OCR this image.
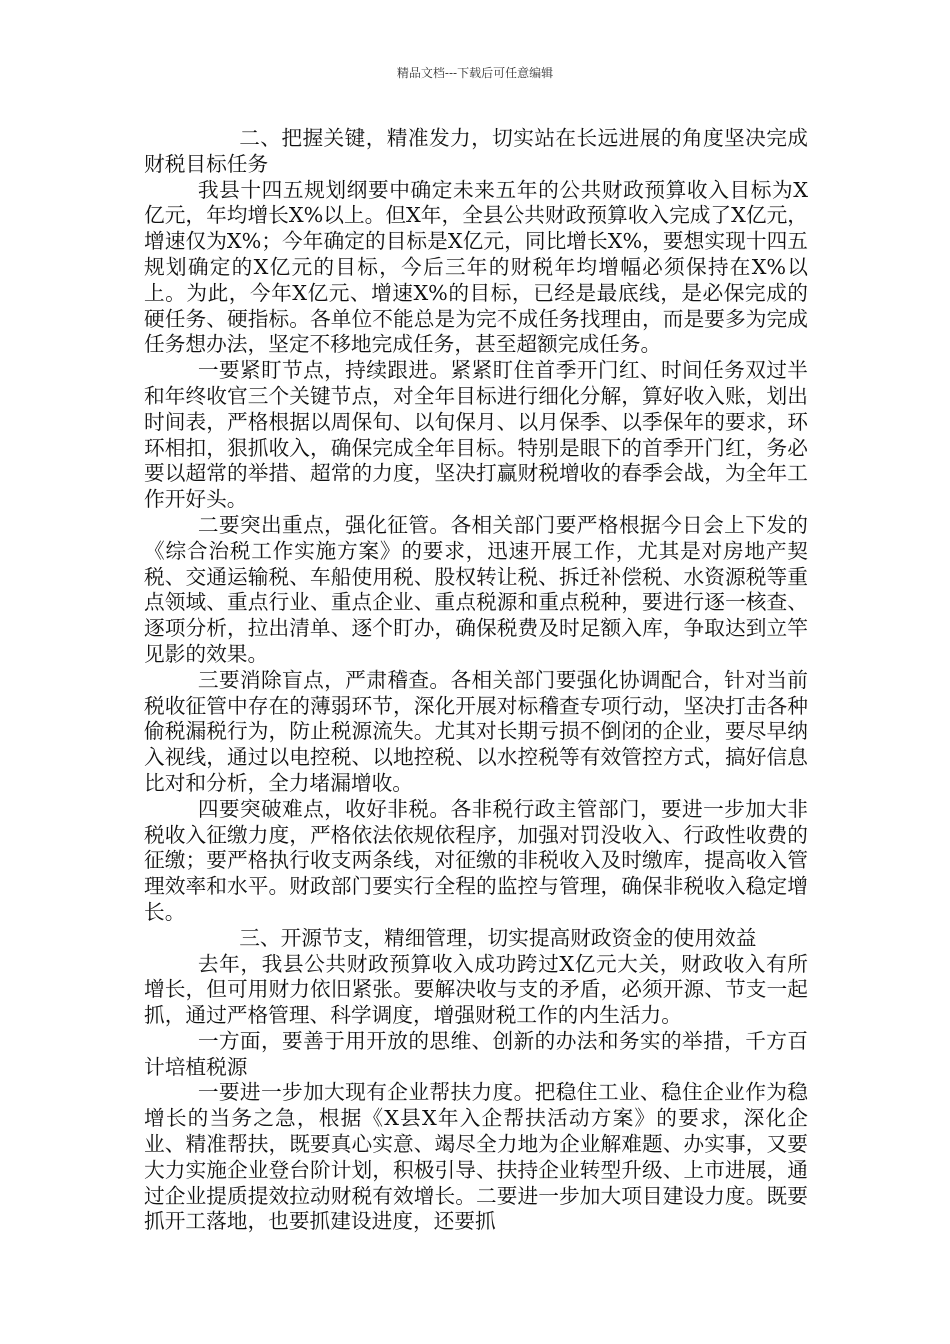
精品文档---下载后可任意编辑

二、把握关键，精准发力，切实站在长远进展的角度坚决完成财税目标任务

我县十四五规划纲要中确定未来五年的公共财政预算收入目标为X亿元，年均增长X%以上。但X年，全县公共财政预算收入完成了X亿元，增速仅为X%；今年确定的目标是X亿元，同比增长X%，要想实现十四五规划确定的X亿元的目标，今后三年的财税年均增幅必须保持在X%以上。为此，今年X亿元、增速X%的目标，已经是最底线，是必保完成的硬任务、硬指标。各单位不能总是为完不成任务找理由，而是要多为完成任务想办法，坚定不移地完成任务，甚至超额完成任务。

一要紧盯节点，持续跟进。紧紧盯住首季开门红、时间任务双过半和年终收官三个关键节点，对全年目标进行细化分解，算好收入账，划出时间表，严格根据以周保旬、以旬保月、以月保季、以季保年的要求，环环相扣，狠抓收入，确保完成全年目标。特别是眼下的首季开门红，务必要以超常的举措、超常的力度，坚决打赢财税增收的春季会战，为全年工作开好头。

二要突出重点，强化征管。各相关部门要严格根据今日会上下发的《综合治税工作实施方案》的要求，迅速开展工作，尤其是对房地产契税、交通运输税、车船使用税、股权转让税、拆迁补偿税、水资源税等重点领域、重点行业、重点企业、重点税源和重点税种，要进行逐一核查、逐项分析，拉出清单、逐个盯办，确保税费及时足额入库，争取达到立竿见影的效果。

三要消除盲点，严肃稽查。各相关部门要强化协调配合，针对当前税收征管中存在的薄弱环节，深化开展对标稽查专项行动，坚决打击各种偷税漏税行为，防止税源流失。尤其对长期亏损不倒闭的企业，要尽早纳入视线，通过以电控税、以地控税、以水控税等有效管控方式，搞好信息比对和分析，全力堵漏增收。

四要突破难点，收好非税。各非税行政主管部门，要进一步加大非税收入征缴力度，严格依法依规依程序，加强对罚没收入、行政性收费的征缴；要严格执行收支两条线，对征缴的非税收入及时缴库，提高收入管理效率和水平。财政部门要实行全程的监控与管理，确保非税收入稳定增长。

三、开源节支，精细管理，切实提高财政资金的使用效益

去年，我县公共财政预算收入成功跨过X亿元大关，财政收入有所增长，但可用财力依旧紧张。要解决收与支的矛盾，必须开源、节支一起抓，通过严格管理、科学调度，增强财税工作的内生活力。

一方面，要善于用开放的思维、创新的办法和务实的举措，千方百计培植税源

一要进一步加大现有企业帮扶力度。把稳住工业、稳住企业作为稳增长的当务之急，根据《X县X年入企帮扶活动方案》的要求，深化企业、精准帮扶，既要真心实意、竭尽全力地为企业解难题、办实事，又要大力实施企业登台阶计划，积极引导、扶持企业转型升级、上市进展，通过企业提质提效拉动财税有效增长。二要进一步加大项目建设力度。既要抓开工落地，也要抓建设进度，还要抓
